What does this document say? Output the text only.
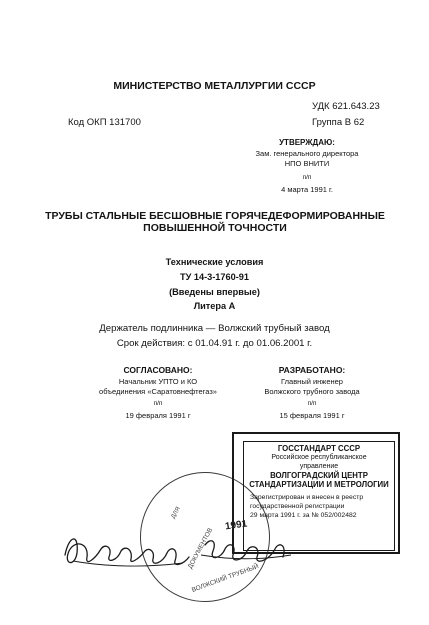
МИНИСТЕРСТВО МЕТАЛЛУРГИИ СССР
УДК 621.643.23
Код ОКП 131700	Группа В 62
УТВЕРЖДАЮ:
Зам. генерального директора
НПО ВНИТИ
п/п
4 марта 1991 г.
ТРУБЫ СТАЛЬНЫЕ БЕСШОВНЫЕ ГОРЯЧЕДЕФОРМИРОВАННЫЕ ПОВЫШЕННОЙ ТОЧНОСТИ
Технические условия
ТУ 14-3-1760-91
(Введены впервые)
Литера А
Держатель подлинника — Волжский трубный завод
Срок действия: с 01.04.91 г. до 01.06.2001 г.
СОГЛАСОВАНО:
Начальник УПТО и КО
объединения «Саратовнефтегаз»
п/п
19 февраля 1991 г
РАЗРАБОТАНО:
Главный инженер
Волжского трубного завода
п/п
15 февраля 1991 г
ДЛЯ
ДОКУМЕНТОВ
ВОЛЖСКИЙ ТРУБНЫЙ
ГОССТАНДАРТ СССР
Российское республиканское
управление
ВОЛГОГРАДСКИЙ ЦЕНТР
СТАНДАРТИЗАЦИИ И МЕТРОЛОГИИ
Зарегистрирован и внесен в реестр
государственной регистрации
29 марта 1991 г. за № 052/002482
1991
